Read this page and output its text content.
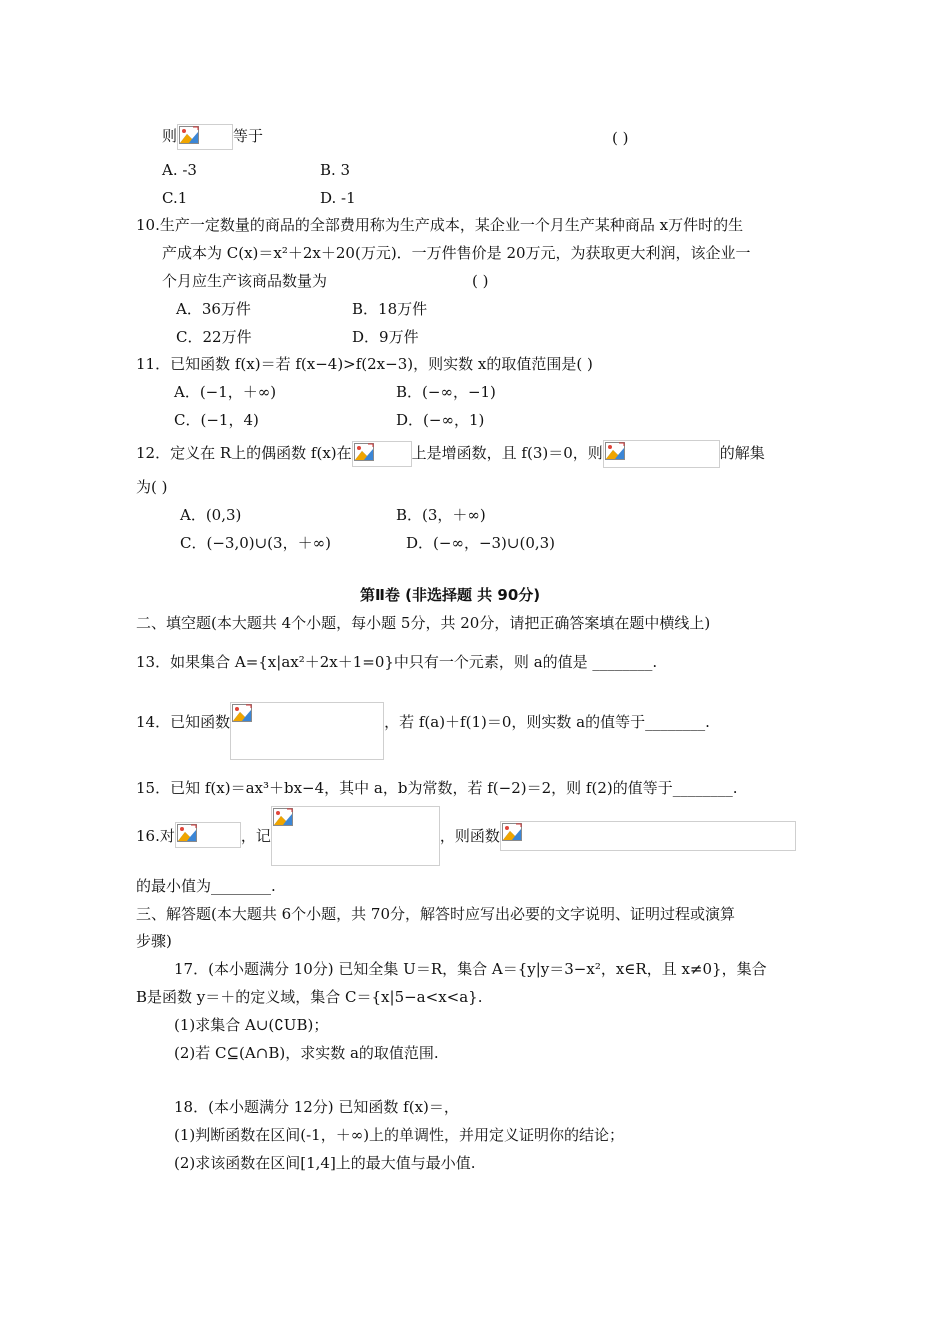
则	等于	( )
A. -3	B. 3
C.1	D. -1
10.生产一定数量的商品的全部费用称为生产成本，某企业一个月生产某种商品 x万件时的生
产成本为 C(x)＝x²＋2x＋20(万元)．一万件售价是 20万元，为获取更大利润，该企业一
个月应生产该商品数量为	( )
A．36万件	B．18万件
C．22万件	D．9万件
11．已知函数 f(x)＝若 f(x−4)>f(2x−3)，则实数 x的取值范围是( )
A．(−1，＋∞)	B．(−∞，−1)
C．(−1，4)	D．(−∞，1)
12．定义在 R上的偶函数 f(x)在	上是增函数，且 f(3)＝0，则	的解集
为( )
A．(0,3)	B．(3，＋∞)
C．(−3,0)∪(3，＋∞)	D．(−∞，−3)∪(0,3)
第Ⅱ卷 (非选择题 共 90分)
二、填空题(本大题共 4个小题，每小题 5分，共 20分，请把正确答案填在题中横线上)
13．如果集合 A={x|ax²＋2x＋1=0}中只有一个元素，则 a的值是 ________.
14．已知函数	，若 f(a)＋f(1)＝0，则实数 a的值等于________.
15．已知 f(x)＝ax³＋bx−4，其中 a，b为常数，若 f(−2)＝2，则 f(2)的值等于________.
16.对	，记	，则函数
的最小值为________.
三、解答题(本大题共 6个小题，共 70分，解答时应写出必要的文字说明、证明过程或演算
步骤)
17．(本小题满分 10分) 已知全集 U＝R，集合 A＝{y|y＝3−x²，x∈R，且 x≠0}，集合
B是函数 y＝＋的定义域，集合 C＝{x|5−a<x<a}.
(1)求集合 A∪(∁UB)；
(2)若 C⊆(A∩B)，求实数 a的取值范围.
18．(本小题满分 12分) 已知函数 f(x)＝，
(1)判断函数在区间(-1，＋∞)上的单调性，并用定义证明你的结论；
(2)求该函数在区间[1,4]上的最大值与最小值.
